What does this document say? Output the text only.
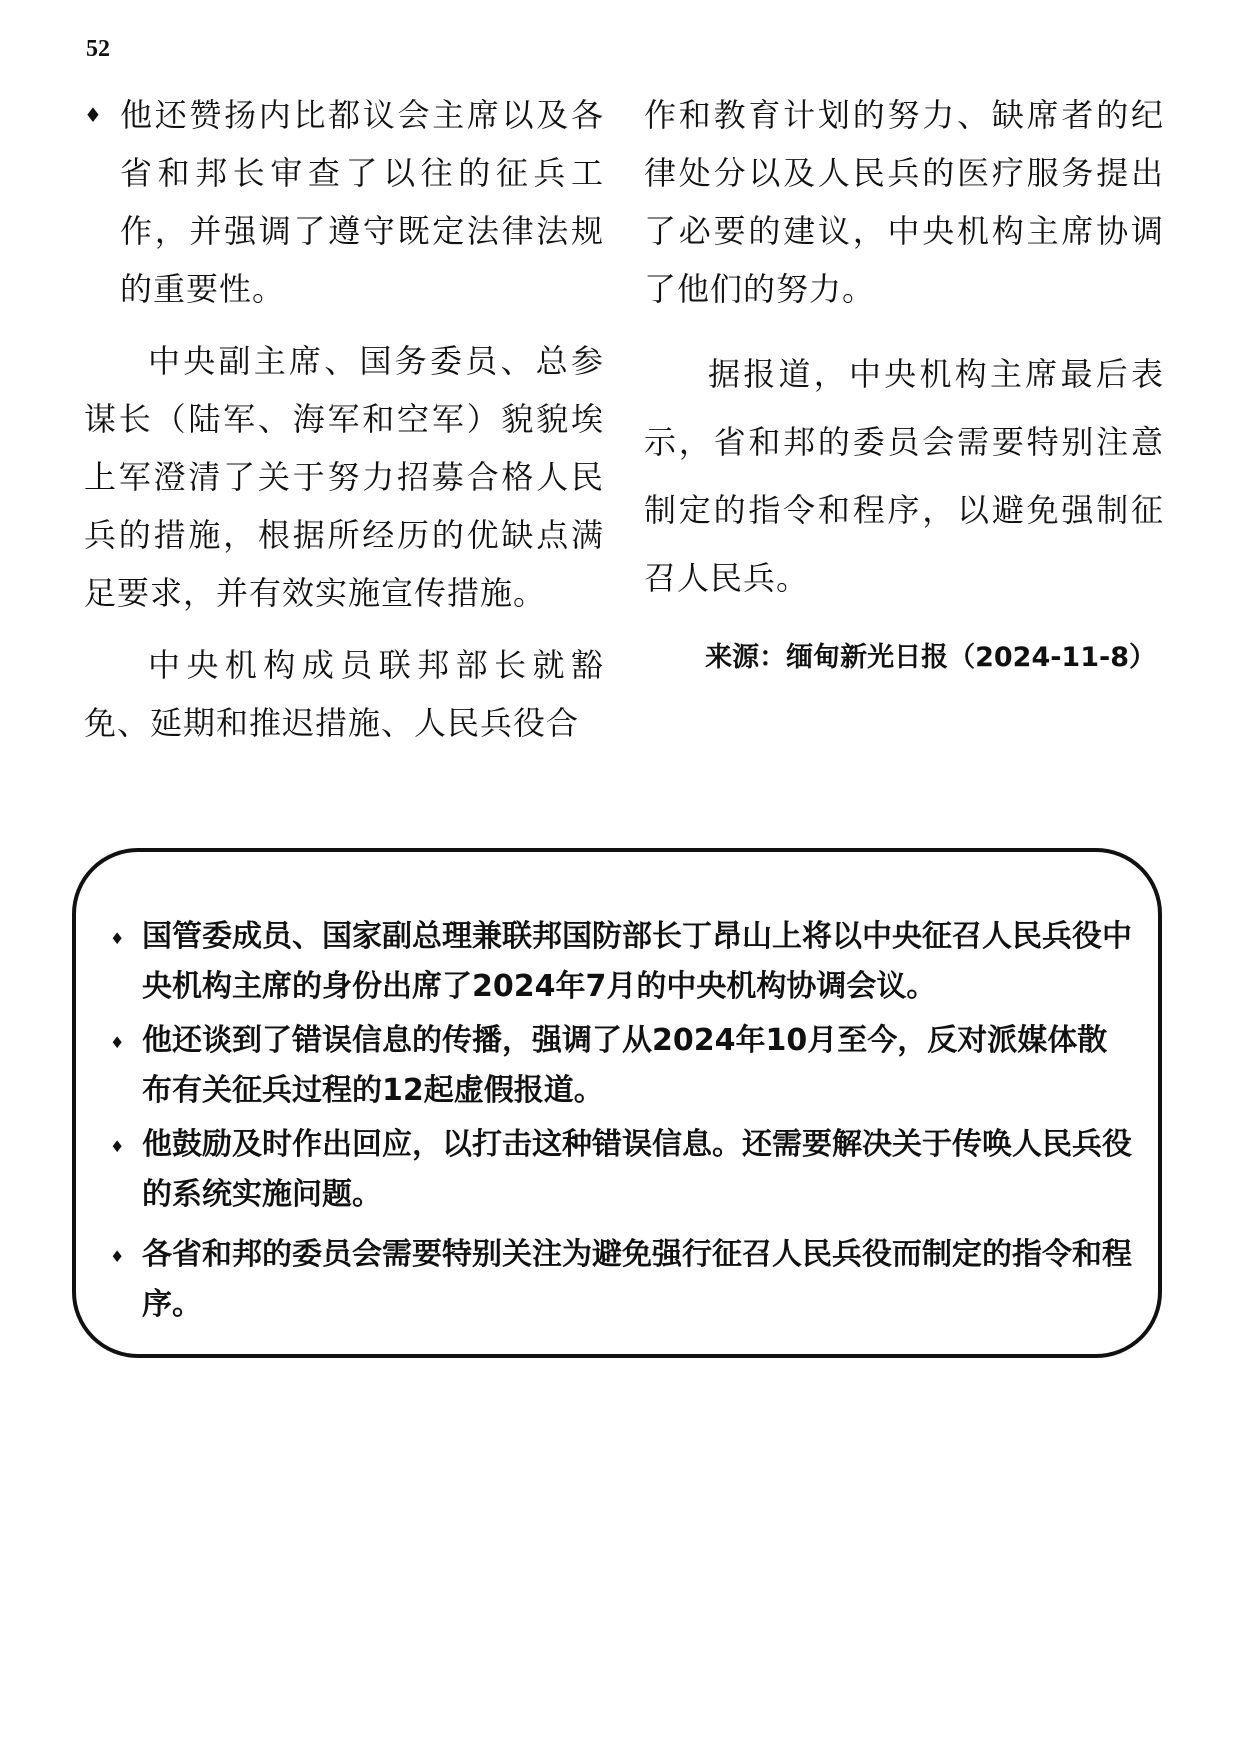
52

♦ 他还赞扬内比都议会主席以及各省和邦长审查了以往的征兵工作，并强调了遵守既定法律法规的重要性。

中央副主席、国务委员、总参谋长（陆军、海军和空军）貌貌埃上军澄清了关于努力招募合格人民兵的措施，根据所经历的优缺点满足要求，并有效实施宣传措施。

中央机构成员联邦部长就豁免、延期和推迟措施、人民兵役合

作和教育计划的努力、缺席者的纪律处分以及人民兵的医疗服务提出了必要的建议，中央机构主席协调了他们的努力。

据报道，中央机构主席最后表示，省和邦的委员会需要特别注意制定的指令和程序，以避免强制征召人民兵。

来源：缅甸新光日报（2024-11-8）

♦ 国管委成员、国家副总理兼联邦国防部长丁昂山上将以中央征召人民兵役中央机构主席的身份出席了2024年7月的中央机构协调会议。
♦ 他还谈到了错误信息的传播，强调了从2024年10月至今，反对派媒体散布有关征兵过程的12起虚假报道。
♦ 他鼓励及时作出回应，以打击这种错误信息。还需要解决关于传唤人民兵役的系统实施问题。
♦ 各省和邦的委员会需要特别关注为避免强行征召人民兵役而制定的指令和程序。
